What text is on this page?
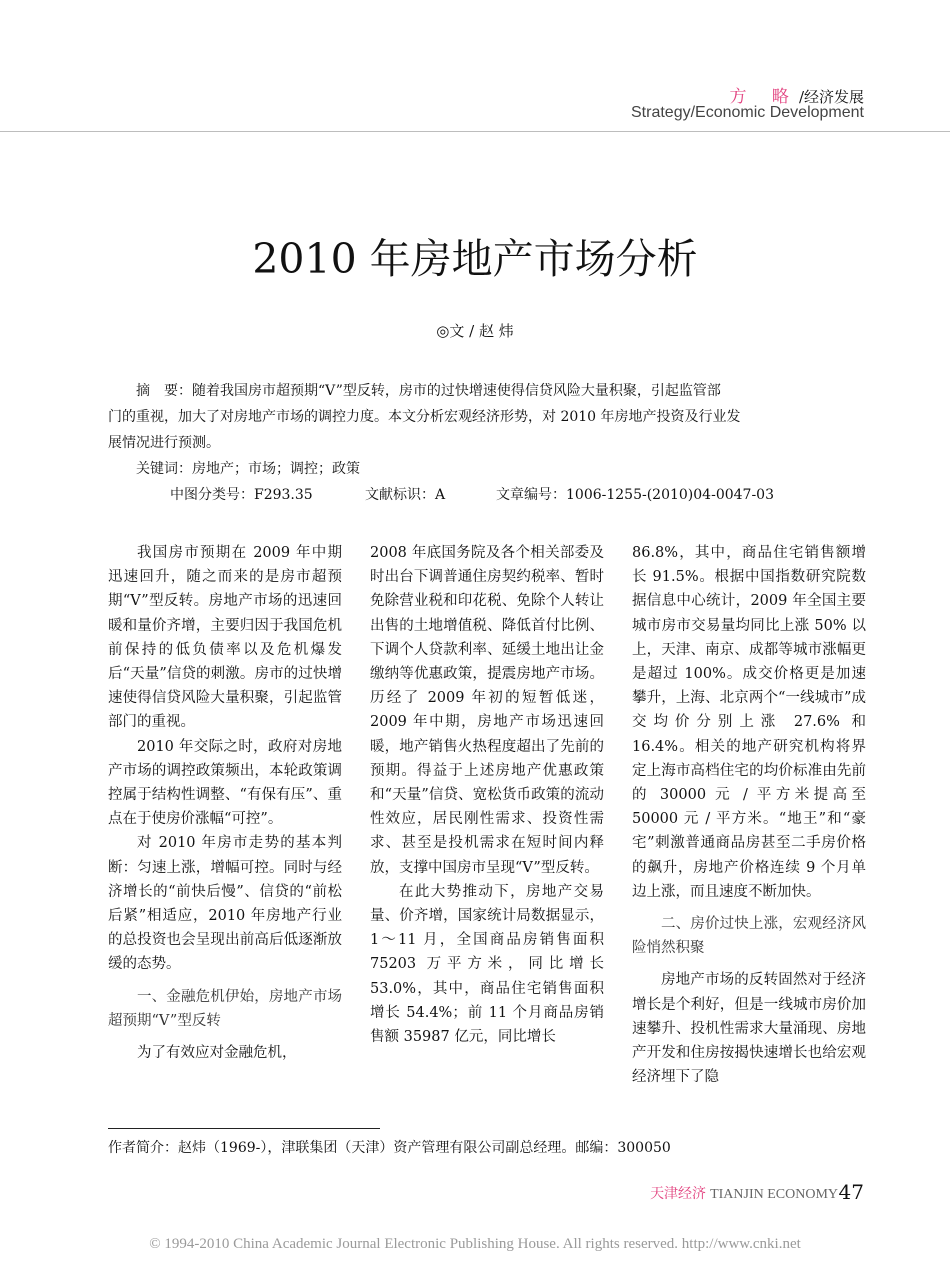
方 略/经济发展
Strategy/Economic Development
2010 年房地产市场分析
◎文 / 赵 炜
摘　要：随着我国房市超预期“V”型反转，房市的过快增速使得信贷风险大量积聚，引起监管部
门的重视，加大了对房地产市场的调控力度。本文分析宏观经济形势，对 2010 年房地产投资及行业发
展情况进行预测。
关键词：房地产；市场；调控；政策
中图分类号：F293.35	文献标识：A	文章编号：1006-1255-(2010)04-0047-03

我国房市预期在 2009 年中期迅速回升，随之而来的是房市超预期“V”型反转。房地产市场的迅速回暖和量价齐增，主要归因于我国危机前保持的低负债率以及危机爆发后“天量”信贷的刺激。房市的过快增速使得信贷风险大量积聚，引起监管部门的重视。

2010 年交际之时，政府对房地产市场的调控政策频出，本轮政策调控属于结构性调整、“有保有压”、重点在于使房价涨幅“可控”。

对 2010 年房市走势的基本判断：匀速上涨，增幅可控。同时与经济增长的“前快后慢”、信贷的“前松后紧”相适应，2010 年房地产行业的总投资也会呈现出前高后低逐渐放缓的态势。

一、金融危机伊始，房地产市场超预期“V”型反转

为了有效应对金融危机，

2008 年底国务院及各个相关部委及时出台下调普通住房契约税率、暂时免除营业税和印花税、免除个人转让出售的土地增值税、降低首付比例、下调个人贷款利率、延缓土地出让金缴纳等优惠政策，提震房地产市场。历经了 2009 年初的短暂低迷，2009 年中期，房地产市场迅速回暖，地产销售火热程度超出了先前的预期。得益于上述房地产优惠政策和“天量”信贷、宽松货币政策的流动性效应，居民刚性需求、投资性需求、甚至是投机需求在短时间内释放，支撑中国房市呈现“V”型反转。

在此大势推动下，房地产交易量、价齐增，国家统计局数据显示，1～11 月，全国商品房销售面积 75203 万平方米，同比增长 53.0%，其中，商品住宅销售面积增长 54.4%；前 11 个月商品房销售额 35987 亿元，同比增长

86.8%，其中，商品住宅销售额增长 91.5%。根据中国指数研究院数据信息中心统计，2009 年全国主要城市房市交易量均同比上涨 50% 以上，天津、南京、成都等城市涨幅更是超过 100%。成交价格更是加速攀升，上海、北京两个“一线城市”成交均价分别上涨 27.6% 和 16.4%。相关的地产研究机构将界定上海市高档住宅的均价标准由先前的 30000 元 / 平方米提高至 50000 元 / 平方米。“地王”和“豪宅”刺激普通商品房甚至二手房价格的飙升，房地产价格连续 9 个月单边上涨，而且速度不断加快。

二、房价过快上涨，宏观经济风险悄然积聚

房地产市场的反转固然对于经济增长是个利好，但是一线城市房价加速攀升、投机性需求大量涌现、房地产开发和住房按揭快速增长也给宏观经济埋下了隐

作者简介：赵炜（1969-），津联集团（天津）资产管理有限公司副总经理。邮编：300050
天津经济 TIANJIN ECONOMY 47
© 1994-2010 China Academic Journal Electronic Publishing House. All rights reserved. http://www.cnki.net
